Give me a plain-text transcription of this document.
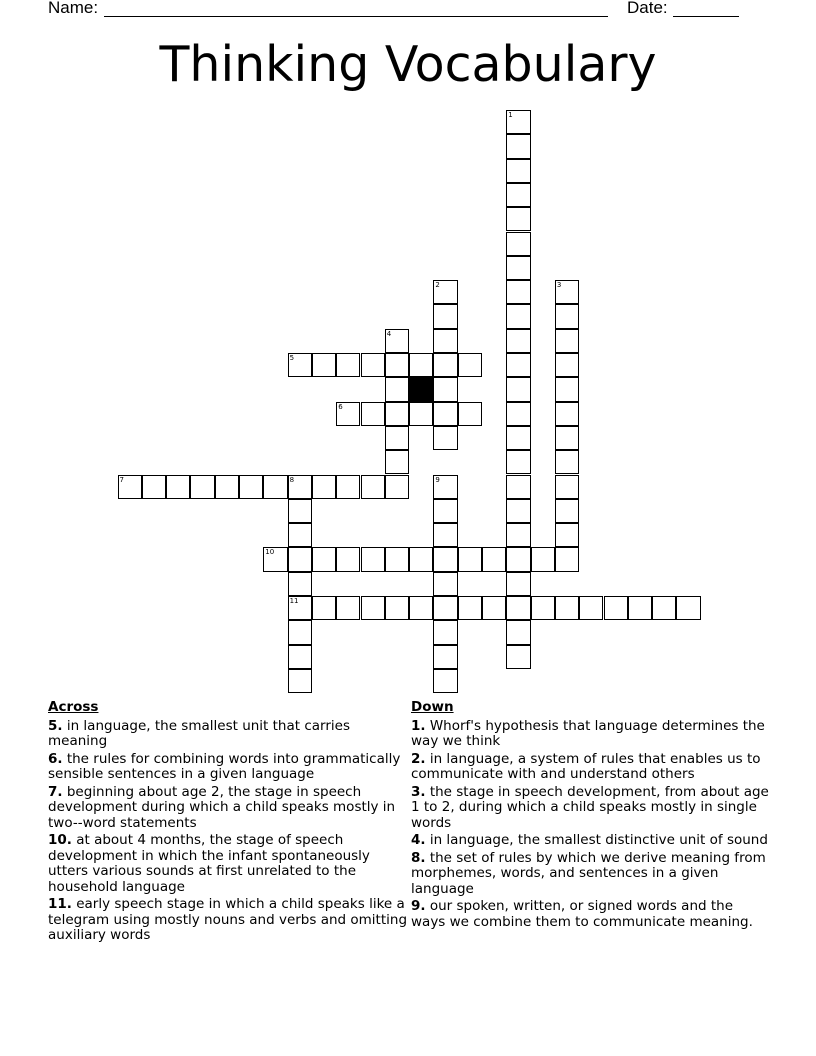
Name:	Date:
Thinking Vocabulary
1
2	3
4
5
6
7	8
11
9
10
Across
5. in language, the smallest unit that carries meaning
6. the rules for combining words into grammatically sensible sentences in a given language
7. beginning about age 2, the stage in speech development during which a child speaks mostly in two--word statements
10. at about 4 months, the stage of speech development in which the infant spontaneously utters various sounds at first unrelated to the household language
11. early speech stage in which a child speaks like a telegram using mostly nouns and verbs and omitting auxiliary words
Down
1. Whorf's hypothesis that language determines the way we think
2. in language, a system of rules that enables us to communicate with and understand others
3. the stage in speech development, from about age 1 to 2, during which a child speaks mostly in single words
4. in language, the smallest distinctive unit of sound
8. the set of rules by which we derive meaning from morphemes, words, and sentences in a given language
9. our spoken, written, or signed words and the ways we combine them to communicate meaning.
